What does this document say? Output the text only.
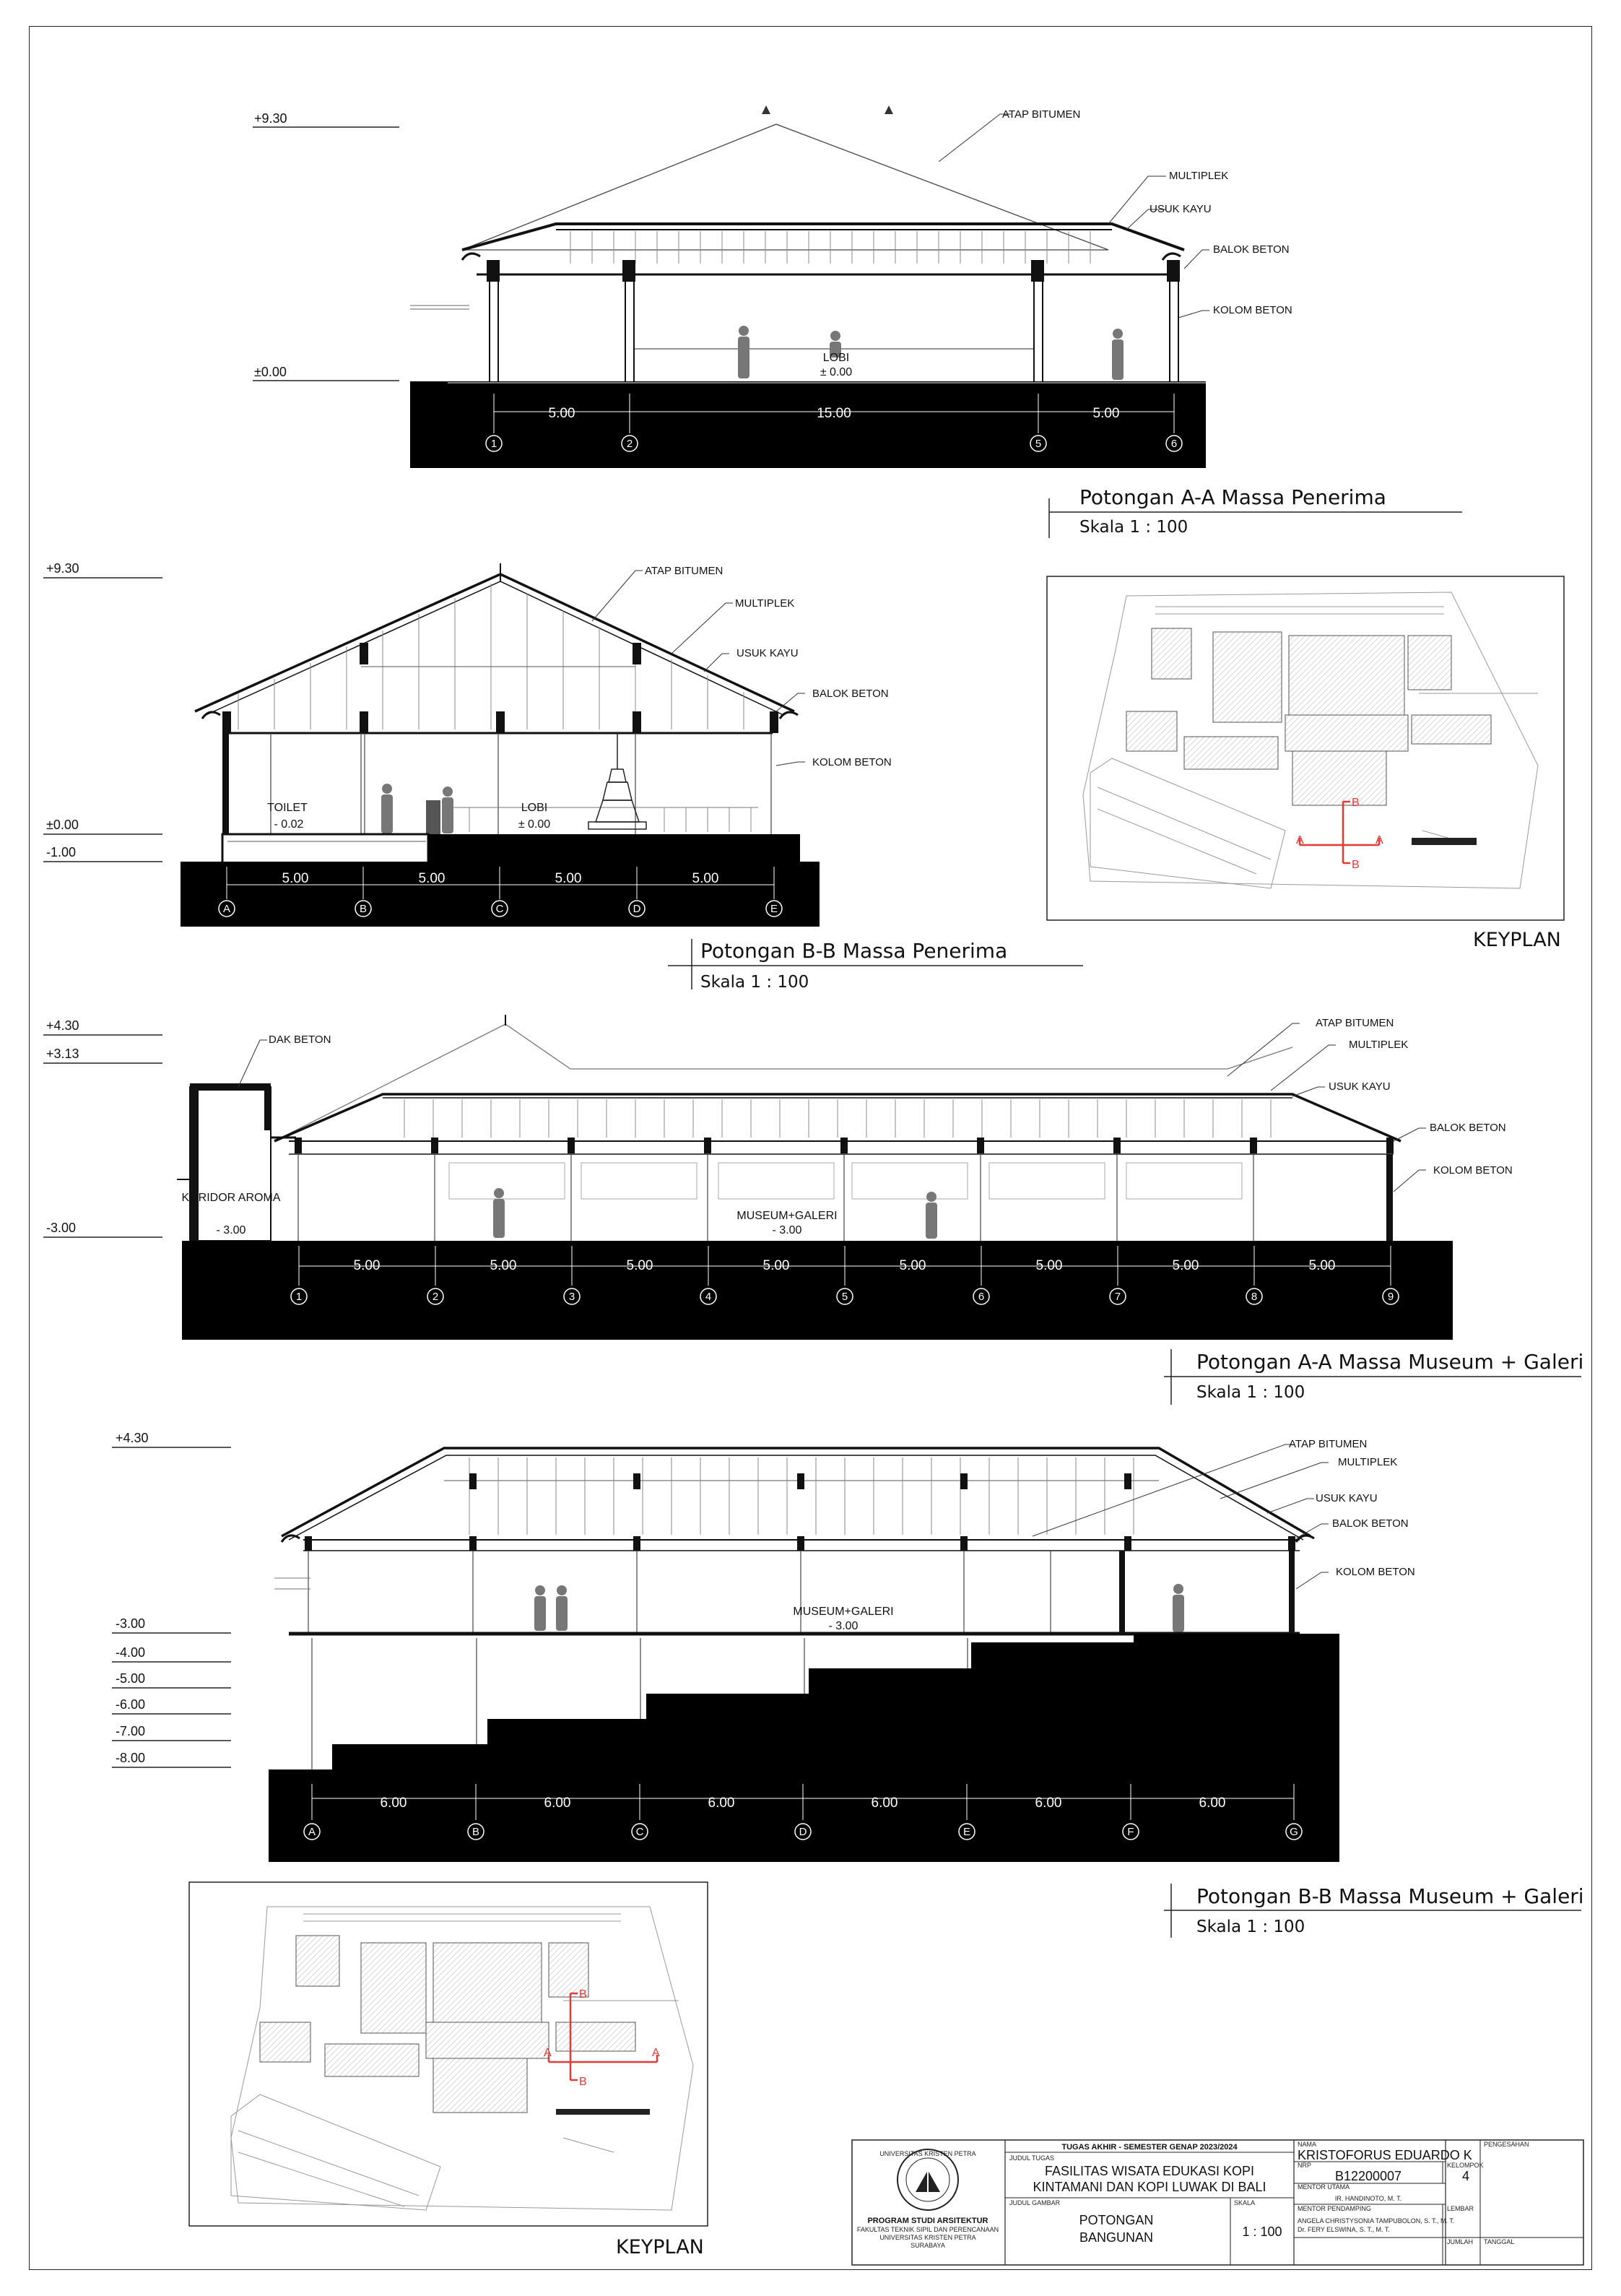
+9.30
±0.00
LOBI
± 0.00
5.00	15.00	5.00
1	2	5	6
ATAP BITUMEN
MULTIPLEK
USUK KAYU
BALOK BETON
KOLOM BETON
Potongan A-A Massa Penerima
Skala 1 : 100
+9.30
±0.00
-1.00
TOILET
- 0.02
LOBI
± 0.00
5.00	5.00	5.00	5.00
A	B	C	D	E
ATAP BITUMEN
MULTIPLEK
USUK KAYU
BALOK BETON
KOLOM BETON
Potongan B-B Massa Penerima
Skala 1 : 100
A	A
B
B
KEYPLAN
+4.30
+3.13
-3.00
KORIDOR AROMA
- 3.00
MUSEUM+GALERI
- 3.00
5.00	5.00	5.00	5.00	5.00	5.00	5.00	5.00
1	2	3	4	5	6	7	8	9
DAK BETON
ATAP BITUMEN
MULTIPLEK
USUK KAYU
BALOK BETON
KOLOM BETON
Potongan A-A Massa Museum + Galeri
Skala 1 : 100
+4.30
-3.00
-4.00
-5.00
-6.00
-7.00
-8.00
MUSEUM+GALERI
- 3.00
6.00	6.00	6.00	6.00	6.00	6.00
A	B	C	D	E	F	G
ATAP BITUMEN
MULTIPLEK
USUK KAYU
BALOK BETON
KOLOM BETON
Potongan B-B Massa Museum + Galeri
Skala 1 : 100
A	A
B
B
KEYPLAN
UNIVERSITAS KRISTEN PETRA
PROGRAM STUDI ARSITEKTUR
FAKULTAS TEKNIK SIPIL DAN PERENCANAAN
UNIVERSITAS KRISTEN PETRA
SURABAYA
TUGAS AKHIR - SEMESTER GENAP 2023/2024
JUDUL TUGAS
FASILITAS WISATA EDUKASI KOPI
KINTAMANI DAN KOPI LUWAK DI BALI
JUDUL GAMBAR
POTONGAN
BANGUNAN
SKALA
1 : 100
NAMA
KRISTOFORUS EDUARDO K
NRP
B12200007
KELOMPOK
4
MENTOR UTAMA
IR. HANDINOTO, M. T.
MENTOR PENDAMPING
ANGELA CHRISTYSONIA TAMPUBOLON, S. T., M. T.
Dr. FERY ELSWINA, S. T., M. T.
LEMBAR
JUMLAH
PENGESAHAN
TANGGAL
